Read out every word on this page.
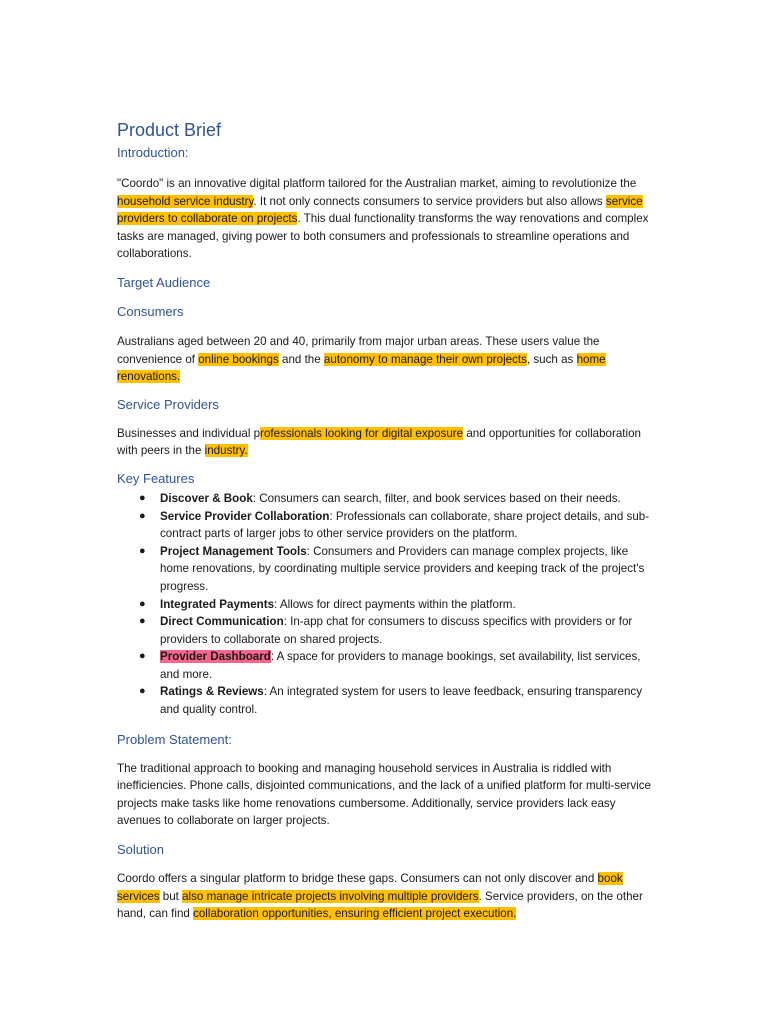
Product Brief
Introduction:

"Coordo" is an innovative digital platform tailored for the Australian market, aiming to revolutionize the household service industry. It not only connects consumers to service providers but also allows service providers to collaborate on projects. This dual functionality transforms the way renovations and complex tasks are managed, giving power to both consumers and professionals to streamline operations and collaborations.

Target Audience
Consumers

Australians aged between 20 and 40, primarily from major urban areas. These users value the convenience of online bookings and the autonomy to manage their own projects, such as home renovations.

Service Providers

Businesses and individual professionals looking for digital exposure and opportunities for collaboration with peers in the industry.

Key Features
● Discover & Book: Consumers can search, filter, and book services based on their needs.
● Service Provider Collaboration: Professionals can collaborate, share project details, and sub-contract parts of larger jobs to other service providers on the platform.
● Project Management Tools: Consumers and Providers can manage complex projects, like home renovations, by coordinating multiple service providers and keeping track of the project's progress.
● Integrated Payments: Allows for direct payments within the platform.
● Direct Communication: In-app chat for consumers to discuss specifics with providers or for providers to collaborate on shared projects.
● Provider Dashboard: A space for providers to manage bookings, set availability, list services, and more.
● Ratings & Reviews: An integrated system for users to leave feedback, ensuring transparency and quality control.
Problem Statement:

The traditional approach to booking and managing household services in Australia is riddled with inefficiencies. Phone calls, disjointed communications, and the lack of a unified platform for multi-service projects make tasks like home renovations cumbersome. Additionally, service providers lack easy avenues to collaborate on larger projects.

Solution

Coordo offers a singular platform to bridge these gaps. Consumers can not only discover and book services but also manage intricate projects involving multiple providers. Service providers, on the other hand, can find collaboration opportunities, ensuring efficient project execution.
